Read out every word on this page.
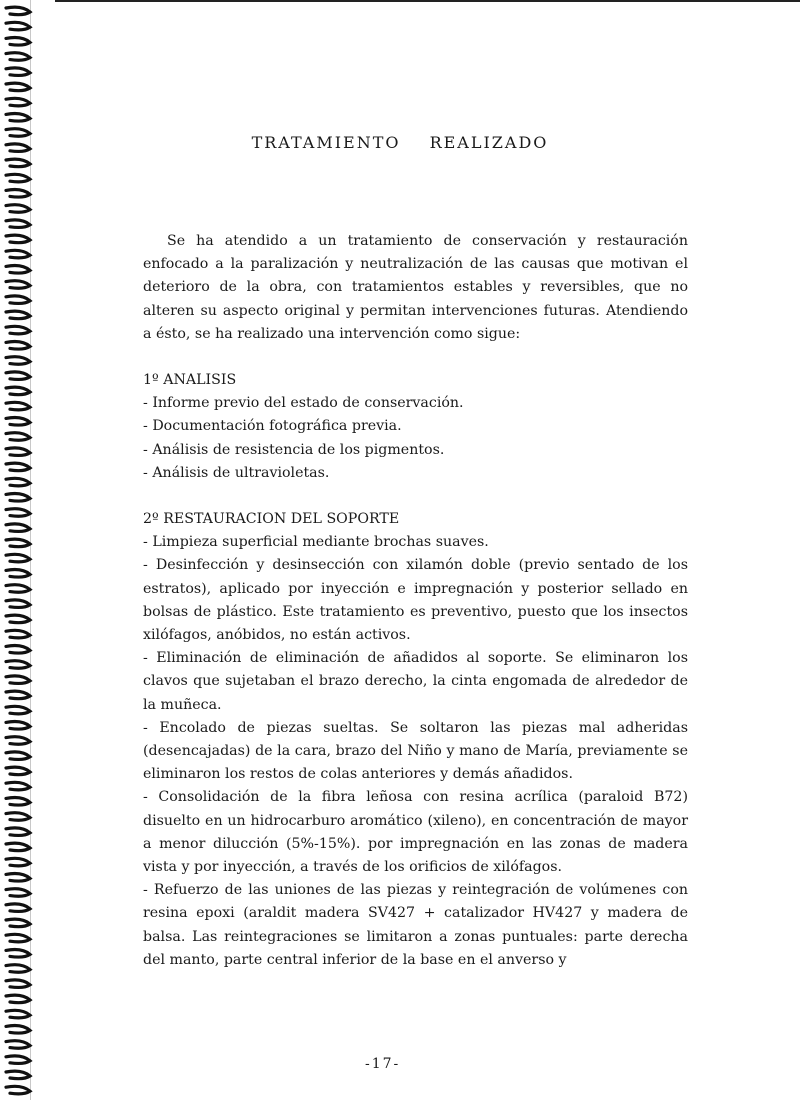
TRATAMIENTO REALIZADO

Se ha atendido a un tratamiento de conservación y restauración enfocado a la paralización y neutralización de las causas que motivan el deterioro de la obra, con tratamientos estables y reversibles, que no alteren su aspecto original y permitan intervenciones futuras. Atendiendo a ésto, se ha realizado una intervención como sigue:

1º ANALISIS
- Informe previo del estado de conservación.
- Documentación fotográfica previa.
- Análisis de resistencia de los pigmentos.
- Análisis de ultravioletas.
2º RESTAURACION DEL SOPORTE
- Limpieza superficial mediante brochas suaves.
- Desinfección y desinsección con xilamón doble (previo sentado de los estratos), aplicado por inyección e impregnación y posterior sellado en bolsas de plástico. Este tratamiento es preventivo, puesto que los insectos xilófagos, anóbidos, no están activos.
- Eliminación de eliminación de añadidos al soporte. Se eliminaron los clavos que sujetaban el brazo derecho, la cinta engomada de alrededor de la muñeca.
- Encolado de piezas sueltas. Se soltaron las piezas mal adheridas (desencajadas) de la cara, brazo del Niño y mano de María, previamente se eliminaron los restos de colas anteriores y demás añadidos.
- Consolidación de la fibra leñosa con resina acrílica (paraloid B72) disuelto en un hidrocarburo aromático (xileno), en concentración de mayor a menor dilucción (5%-15%). por impregnación en las zonas de madera vista y por inyección, a través de los orificios de xilófagos.
- Refuerzo de las uniones de las piezas y reintegración de volúmenes con resina epoxi (araldit madera SV427 + catalizador HV427 y madera de balsa. Las reintegraciones se limitaron a zonas puntuales: parte derecha del manto, parte central inferior de la base en el anverso y
-17-
